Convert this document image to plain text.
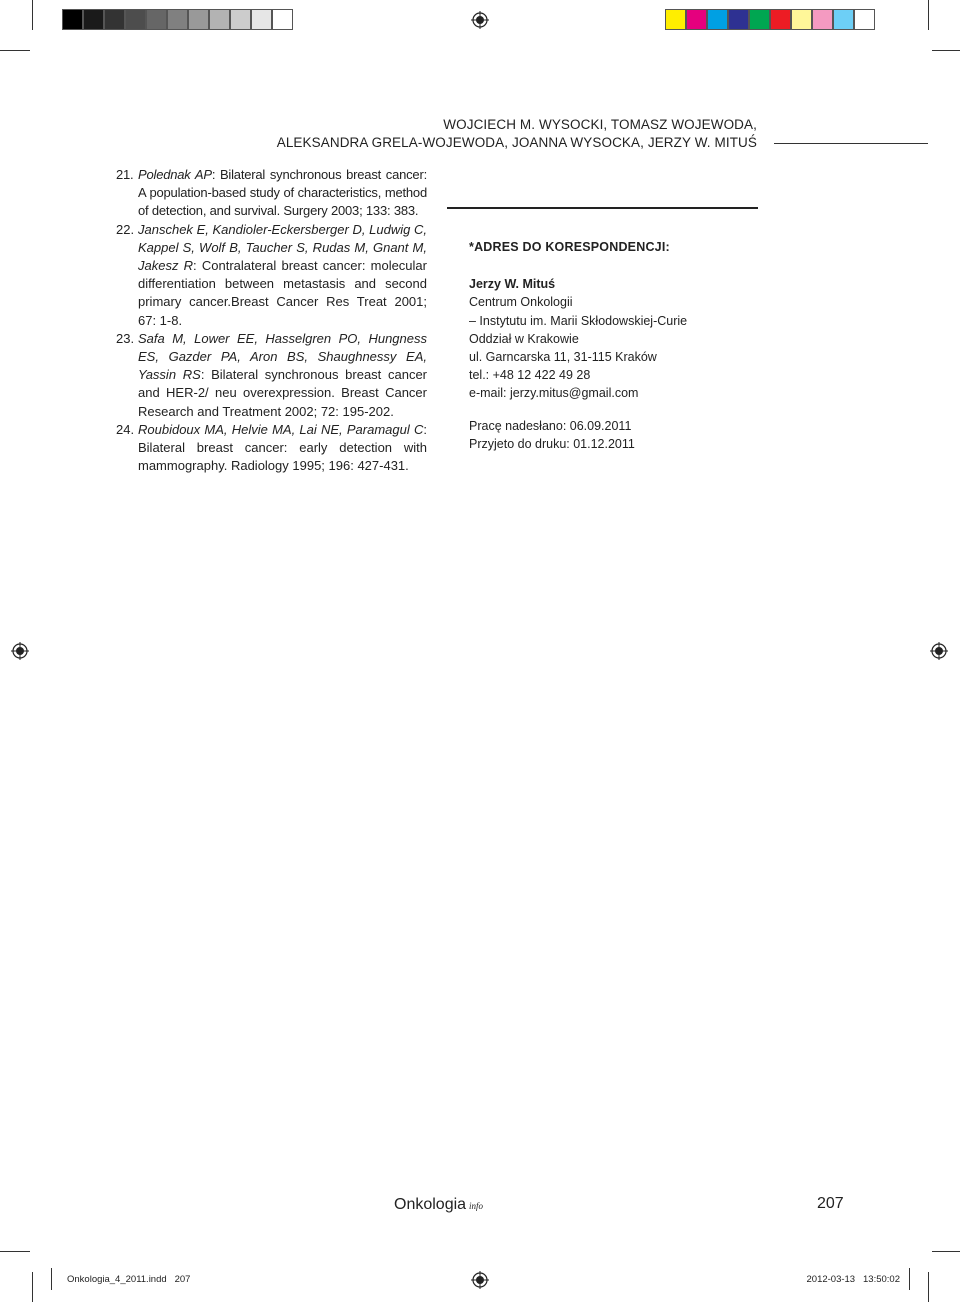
WOJCIECH M. WYSOCKI, TOMASZ WOJEWODA,
ALEKSANDRA GRELA-WOJEWODA, JOANNA WYSOCKA, JERZY W. MITUŚ
21. Polednak AP: Bilateral synchronous breast cancer: A population-based study of characteristics, method of detection, and survival. Surgery 2003; 133: 383.
22. Janschek E, Kandioler-Eckersberger D, Ludwig C, Kappel S, Wolf B, Taucher S, Rudas M, Gnant M, Jakesz R: Contralateral breast cancer: molecular differentiation between metastasis and second primary cancer.Breast Cancer Res Treat 2001; 67: 1-8.
23. Safa M, Lower EE, Hasselgren PO, Hungness ES, Gazder PA, Aron BS, Shaughnessy EA, Yassin RS: Bilateral synchronous breast cancer and HER-2/ neu overexpression. Breast Cancer Research and Treatment 2002; 72: 195-202.
24. Roubidoux MA, Helvie MA, Lai NE, Paramagul C: Bilateral breast cancer: early detection with mammography. Radiology 1995; 196: 427-431.
*ADRES DO KORESPONDENCJI:
Jerzy W. Mituś
Centrum Onkologii
– Instytutu im. Marii Skłodowskiej-Curie
Oddział w Krakowie
ul. Garncarska 11, 31-115 Kraków
tel.: +48 12 422 49 28
e-mail: jerzy.mitus@gmail.com
Pracę nadesłano: 06.09.2011
Przyjeto do druku: 01.12.2011
Onkologia info	207
Onkologia_4_2011.indd   207	2012-03-13   13:50:02
